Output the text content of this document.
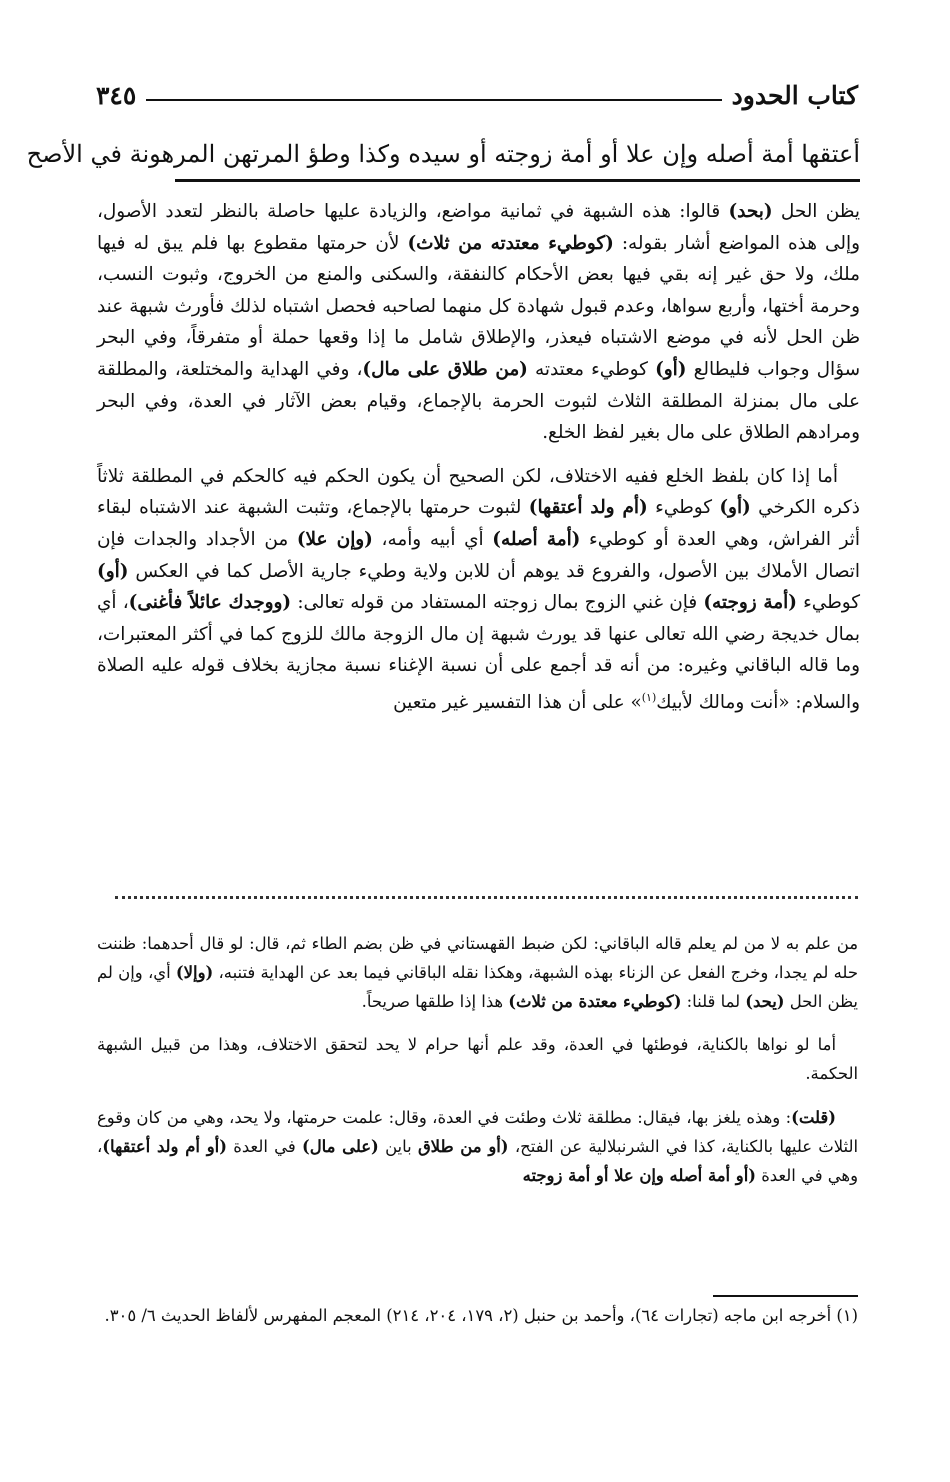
كتاب الحدود
٣٤٥
أعتقها أمة أصله وإن علا أو أمة زوجته أو سيده وكذا وطؤ المرتهن المرهونة في الأصح

يظن الحل (بحد) قالوا: هذه الشبهة في ثمانية مواضع، والزيادة عليها حاصلة بالنظر لتعدد الأصول، وإلى هذه المواضع أشار بقوله: (كوطيء معتدته من ثلاث) لأن حرمتها مقطوع بها فلم يبق له فيها ملك، ولا حق غير إنه بقي فيها بعض الأحكام كالنفقة، والسكنى والمنع من الخروج، وثبوت النسب، وحرمة أختها، وأربع سواها، وعدم قبول شهادة كل منهما لصاحبه فحصل اشتباه لذلك فأورث شبهة عند ظن الحل لأنه في موضع الاشتباه فيعذر، والإطلاق شامل ما إذا وقعها حملة أو متفرقاً، وفي البحر سؤال وجواب فليطالع (أو) كوطيء معتدته (من طلاق على مال)، وفي الهداية والمختلعة، والمطلقة على مال بمنزلة المطلقة الثلاث لثبوت الحرمة بالإجماع، وقيام بعض الآثار في العدة، وفي البحر ومرادهم الطلاق على مال بغير لفظ الخلع.

أما إذا كان بلفظ الخلع ففيه الاختلاف، لكن الصحيح أن يكون الحكم فيه كالحكم في المطلقة ثلاثاً ذكره الكرخي (أو) كوطيء (أم ولد أعتقها) لثبوت حرمتها بالإجماع، وتثبت الشبهة عند الاشتباه لبقاء أثر الفراش، وهي العدة أو كوطيء (أمة أصله) أي أبيه وأمه، (وإن علا) من الأجداد والجدات فإن اتصال الأملاك بين الأصول، والفروع قد يوهم أن للابن ولاية وطيء جارية الأصل كما في العكس (أو) كوطيء (أمة زوجته) فإن غني الزوج بمال زوجته المستفاد من قوله تعالى: (ووجدك عائلاً فأغنى)، أي بمال خديجة رضي الله تعالى عنها قد يورث شبهة إن مال الزوجة مالك للزوج كما في أكثر المعتبرات، وما قاله الباقاني وغيره: من أنه قد أجمع على أن نسبة الإغناء نسبة مجازية بخلاف قوله عليه الصلاة والسلام: «أنت ومالك لأبيك$^{(١)}$» على أن هذا التفسير غير متعين

من علم به لا من لم يعلم قاله الباقاني: لكن ضبط القهستاني في ظن بضم الطاء ثم، قال: لو قال أحدهما: ظننت حله لم يجدا، وخرج الفعل عن الزناء بهذه الشبهة، وهكذا نقله الباقاني فيما بعد عن الهداية فتنبه، (وإلا) أي، وإن لم يظن الحل (يحد) لما قلنا: (كوطيء معتدة من ثلاث) هذا إذا طلقها صريحاً.

أما لو نواها بالكناية، فوطئها في العدة، وقد علم أنها حرام لا يحد لتحقق الاختلاف، وهذا من قبيل الشبهة الحكمة.

(قلت): وهذه يلغز بها، فيقال: مطلقة ثلاث وطئت في العدة، وقال: علمت حرمتها، ولا يحد، وهي من كان وقوع الثلاث عليها بالكناية، كذا في الشرنبلالية عن الفتح، (أو من طلاق باين (على مال) في العدة (أو أم ولد أعتقها)، وهي في العدة (أو أمة أصله وإن علا أو أمة زوجته

(١) أخرجه ابن ماجه (تجارات ٦٤)، وأحمد بن حنبل (٢، ١٧٩، ٢٠٤، ٢١٤) المعجم المفهرس لألفاظ الحديث ٦/ ٣٠٥.
